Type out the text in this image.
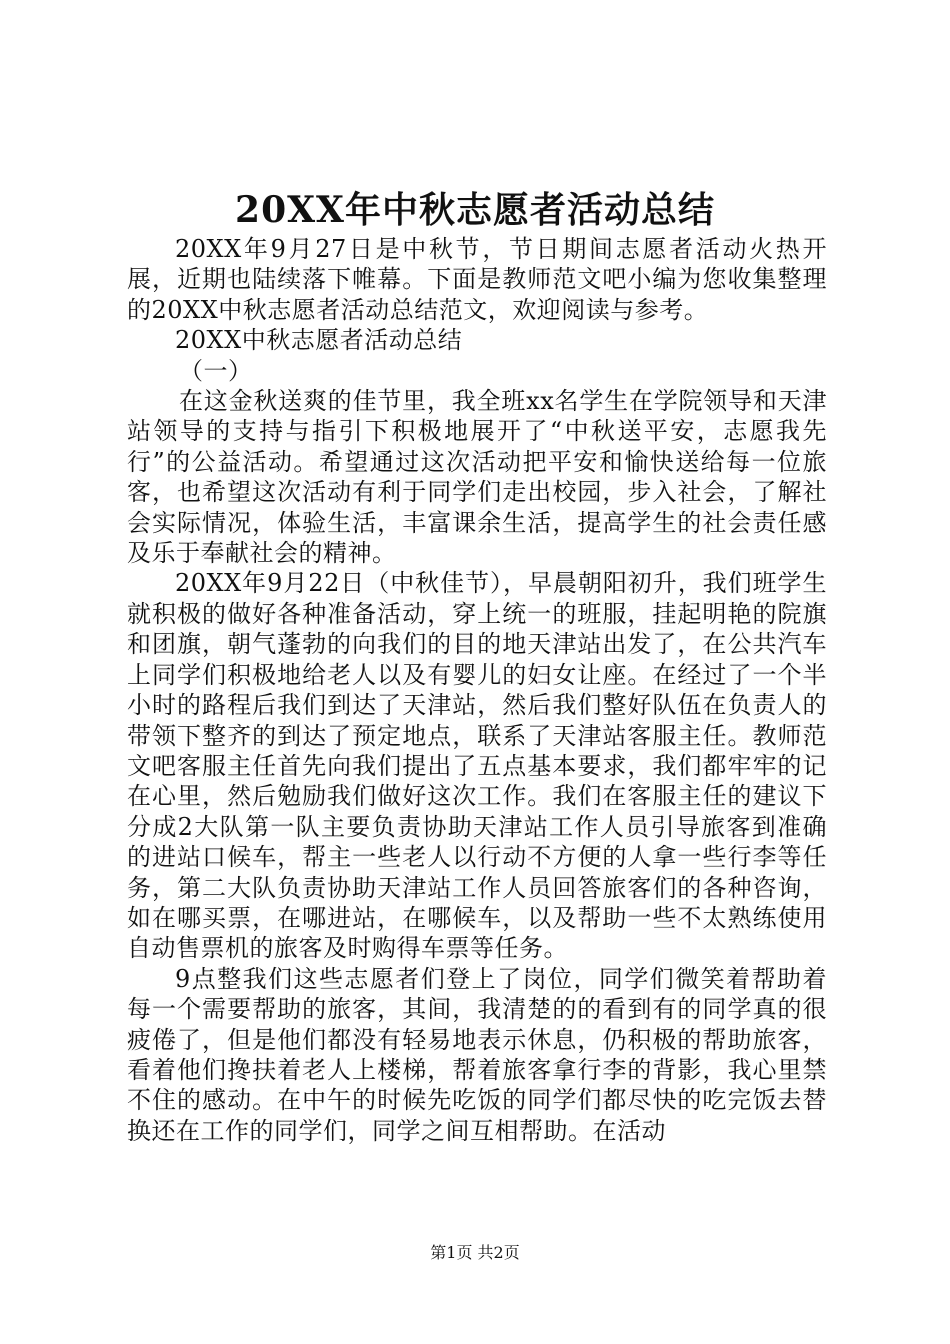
20XX年中秋志愿者活动总结

20XX年9月27日是中秋节，节日期间志愿者活动火热开展，近期也陆续落下帷幕。下面是教师范文吧小编为您收集整理的20XX中秋志愿者活动总结范文，欢迎阅读与参考。

20XX中秋志愿者活动总结

（一）

在这金秋送爽的佳节里，我全班xx名学生在学院领导和天津站领导的支持与指引下积极地展开了“中秋送平安，志愿我先行”的公益活动。希望通过这次活动把平安和愉快送给每一位旅客，也希望这次活动有利于同学们走出校园，步入社会，了解社会实际情况，体验生活，丰富课余生活，提高学生的社会责任感及乐于奉献社会的精神。

20XX年9月22日（中秋佳节），早晨朝阳初升，我们班学生就积极的做好各种准备活动，穿上统一的班服，挂起明艳的院旗和团旗，朝气蓬勃的向我们的目的地天津站出发了，在公共汽车上同学们积极地给老人以及有婴儿的妇女让座。在经过了一个半小时的路程后我们到达了天津站，然后我们整好队伍在负责人的带领下整齐的到达了预定地点，联系了天津站客服主任。教师范文吧客服主任首先向我们提出了五点基本要求，我们都牢牢的记在心里，然后勉励我们做好这次工作。我们在客服主任的建议下分成2大队第一队主要负责协助天津站工作人员引导旅客到准确的进站口候车，帮主一些老人以行动不方便的人拿一些行李等任务，第二大队负责协助天津站工作人员回答旅客们的各种咨询，如在哪买票，在哪进站，在哪候车，以及帮助一些不太熟练使用自动售票机的旅客及时购得车票等任务。

9点整我们这些志愿者们登上了岗位，同学们微笑着帮助着每一个需要帮助的旅客，其间，我清楚的的看到有的同学真的很疲倦了，但是他们都没有轻易地表示休息，仍积极的帮助旅客，看着他们搀扶着老人上楼梯，帮着旅客拿行李的背影，我心里禁不住的感动。在中午的时候先吃饭的同学们都尽快的吃完饭去替换还在工作的同学们，同学之间互相帮助。在活动

第1页 共2页
